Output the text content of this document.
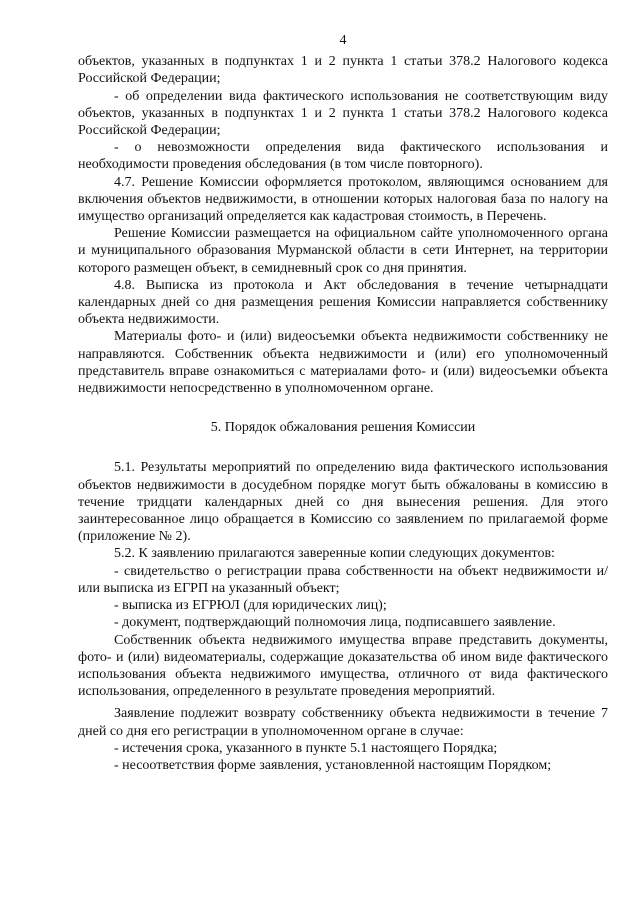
4

объектов, указанных в подпунктах 1 и 2 пункта 1 статьи 378.2 Налогового кодекса Российской Федерации;

- об определении вида фактического использования не соответствующим виду объектов, указанных в подпунктах 1 и 2 пункта 1 статьи 378.2 Налогового кодекса Российской Федерации;

- о невозможности определения вида фактического использования и необходимости проведения обследования (в том числе повторного).

4.7. Решение Комиссии оформляется протоколом, являющимся основанием для включения объектов недвижимости, в отношении которых налоговая база по налогу на имущество организаций определяется как кадастровая стоимость, в Перечень.

Решение Комиссии размещается на официальном сайте уполномоченного органа и муниципального образования Мурманской области в сети Интернет, на территории которого размещен объект, в семидневный срок со дня принятия.

4.8. Выписка из протокола и Акт обследования в течение четырнадцати календарных дней со дня размещения решения Комиссии направляется собственнику объекта недвижимости.

Материалы фото- и (или) видеосъемки объекта недвижимости собственнику не направляются. Собственник объекта недвижимости и (или) его уполномоченный представитель вправе ознакомиться с материалами фото- и (или) видеосъемки объекта недвижимости непосредственно в уполномоченном органе.

5. Порядок обжалования решения Комиссии

5.1. Результаты мероприятий по определению вида фактического использования объектов недвижимости в досудебном порядке могут быть обжалованы в комиссию в течение тридцати календарных дней со дня вынесения решения. Для этого заинтересованное лицо обращается в Комиссию со заявлением по прилагаемой форме (приложение № 2).

5.2. К заявлению прилагаются заверенные копии следующих документов:

- свидетельство о регистрации права собственности на объект недвижимости и/или выписка из ЕГРП на указанный объект;

- выписка из ЕГРЮЛ (для юридических лиц);

- документ, подтверждающий полномочия лица, подписавшего заявление.

Собственник объекта недвижимого имущества вправе представить документы, фото- и (или) видеоматериалы, содержащие доказательства об ином виде фактического использования объекта недвижимого имущества, отличного от вида фактического использования, определенного в результате проведения мероприятий.

Заявление подлежит возврату собственнику объекта недвижимости в течение 7 дней со дня его регистрации в уполномоченном органе в случае:

- истечения срока, указанного в пункте 5.1 настоящего Порядка;

- несоответствия форме заявления, установленной настоящим Порядком;
